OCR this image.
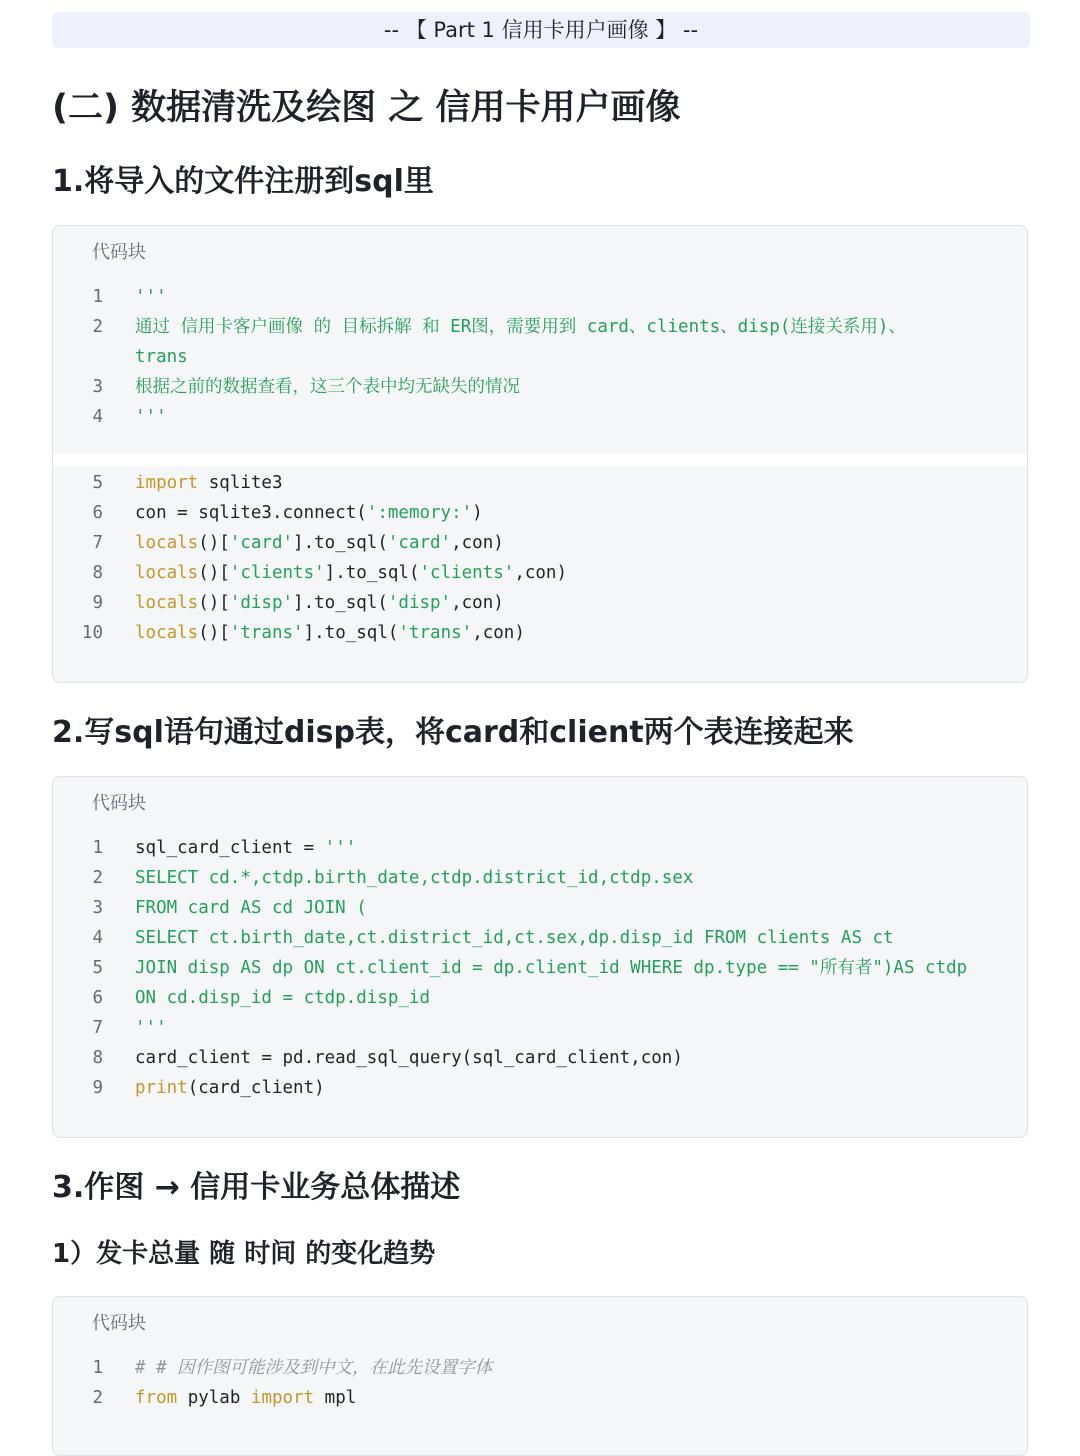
-- 【 Part 1 信用卡用户画像 】 --
(二) 数据清洗及绘图 之 信用卡用户画像
1.将导入的文件注册到sql里
代码块
1 '''
2 通过 信用卡客户画像 的 目标拆解 和 ER图，需要用到 card、clients、disp(连接关系用)、
trans
3 根据之前的数据查看，这三个表中均无缺失的情况
4 '''
5 import sqlite3
6 con = sqlite3.connect(':memory:')
7 locals()['card'].to_sql('card',con)
8 locals()['clients'].to_sql('clients',con)
9 locals()['disp'].to_sql('disp',con)
10 locals()['trans'].to_sql('trans',con)
2.写sql语句通过disp表，将card和client两个表连接起来
代码块
1 sql_card_client = '''
2 SELECT cd.*,ctdp.birth_date,ctdp.district_id,ctdp.sex
3 FROM card AS cd JOIN (
4 SELECT ct.birth_date,ct.district_id,ct.sex,dp.disp_id FROM clients AS ct
5 JOIN disp AS dp ON ct.client_id = dp.client_id WHERE dp.type == "所有者")AS ctdp
6 ON cd.disp_id = ctdp.disp_id
7 '''
8 card_client = pd.read_sql_query(sql_card_client,con)
9 print(card_client)
3.作图 → 信用卡业务总体描述
1）发卡总量 随 时间 的变化趋势
代码块
1 # # 因作图可能涉及到中文，在此先设置字体
2 from pylab import mpl
